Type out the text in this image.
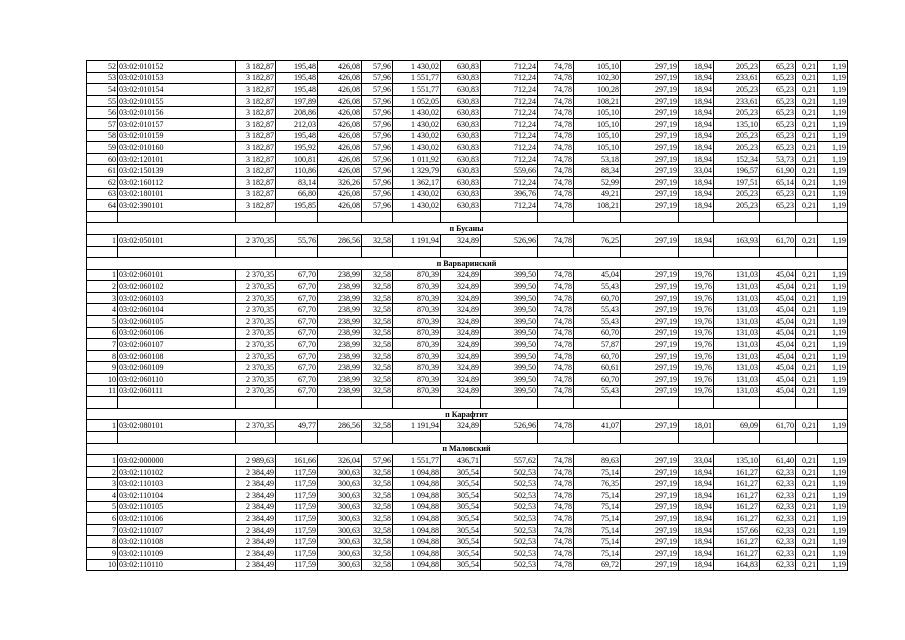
52	03:02:010152	3 182,87	195,48	426,08	57,96	1 430,02	630,83	712,24	74,78	105,10	297,19	18,94	205,23	65,23	0,21	1,19
53	03:02:010153	3 182,87	195,48	426,08	57,96	1 551,77	630,83	712,24	74,78	102,30	297,19	18,94	233,61	65,23	0,21	1,19
54	03:02:010154	3 182,87	195,48	426,08	57,96	1 551,77	630,83	712,24	74,78	100,28	297,19	18,94	205,23	65,23	0,21	1,19
55	03:02:010155	3 182,87	197,89	426,08	57,96	1 052,05	630,83	712,24	74,78	108,21	297,19	18,94	233,61	65,23	0,21	1,19
56	03:02:010156	3 182,87	208,86	426,08	57,96	1 430,02	630,83	712,24	74,78	105,10	297,19	18,94	205,23	65,23	0,21	1,19
57	03:02:010157	3 182,87	212,03	426,08	57,96	1 430,02	630,83	712,24	74,78	105,10	297,19	18,94	135,10	65,23	0,21	1,19
58	03:02:010159	3 182,87	195,48	426,08	57,96	1 430,02	630,83	712,24	74,78	105,10	297,19	18,94	205,23	65,23	0,21	1,19
59	03:02:010160	3 182,87	195,92	426,08	57,96	1 430,02	630,83	712,24	74,78	105,10	297,19	18,94	205,23	65,23	0,21	1,19
60	03:02:120101	3 182,87	100,81	426,08	57,96	1 011,92	630,83	712,24	74,78	53,18	297,19	18,94	152,34	53,73	0,21	1,19
61	03:02:150139	3 182,87	110,86	426,08	57,96	1 329,79	630,83	559,66	74,78	88,34	297,19	33,04	196,57	61,90	0,21	1,19
62	03:02:160112	3 182,87	83,14	326,26	57,96	1 362,17	630,83	712,24	74,78	52,99	297,19	18,94	197,51	65,14	0,21	1,19
63	03:02:180101	3 182,87	66,80	426,08	57,96	1 430,02	630,83	396,76	74,78	49,21	297,19	18,94	205,23	65,23	0,21	1,19
64	03:02:390101	3 182,87	195,85	426,08	57,96	1 430,02	630,83	712,24	74,78	108,21	297,19	18,94	205,23	65,23	0,21	1,19

п Бусаны																
1	03:02:050101	2 370,35	55,76	286,56	32,58	1 191,94	324,89	526,96	74,78	76,25	297,19	18,94	163,93	61,70	0,21	1,19

п Варваринский																
1	03:02:060101	2 370,35	67,70	238,99	32,58	870,39	324,89	399,50	74,78	45,04	297,19	19,76	131,03	45,04	0,21	1,19
2	03:02:060102	2 370,35	67,70	238,99	32,58	870,39	324,89	399,50	74,78	55,43	297,19	19,76	131,03	45,04	0,21	1,19
3	03:02:060103	2 370,35	67,70	238,99	32,58	870,39	324,89	399,50	74,78	60,70	297,19	19,76	131,03	45,04	0,21	1,19
4	03:02:060104	2 370,35	67,70	238,99	32,58	870,39	324,89	399,50	74,78	55,43	297,19	19,76	131,03	45,04	0,21	1,19
5	03:02:060105	2 370,35	67,70	238,99	32,58	870,39	324,89	399,50	74,78	55,43	297,19	19,76	131,03	45,04	0,21	1,19
6	03:02:060106	2 370,35	67,70	238,99	32,58	870,39	324,89	399,50	74,78	60,70	297,19	19,76	131,03	45,04	0,21	1,19
7	03:02:060107	2 370,35	67,70	238,99	32,58	870,39	324,89	399,50	74,78	57,87	297,19	19,76	131,03	45,04	0,21	1,19
8	03:02:060108	2 370,35	67,70	238,99	32,58	870,39	324,89	399,50	74,78	60,70	297,19	19,76	131,03	45,04	0,21	1,19
9	03:02:060109	2 370,35	67,70	238,99	32,58	870,39	324,89	399,50	74,78	60,61	297,19	19,76	131,03	45,04	0,21	1,19
10	03:02:060110	2 370,35	67,70	238,99	32,58	870,39	324,89	399,50	74,78	60,70	297,19	19,76	131,03	45,04	0,21	1,19
11	03:02:060111	2 370,35	67,70	238,99	32,58	870,39	324,89	399,50	74,78	55,43	297,19	19,76	131,03	45,04	0,21	1,19

п Карафтит																
1	03:02:080101	2 370,35	49,77	286,56	32,58	1 191,94	324,89	526,96	74,78	41,07	297,19	18,01	69,09	61,70	0,21	1,19

п Маловский																
1	03:02:000000	2 989,63	161,66	326,04	57,96	1 551,77	436,71	557,62	74,78	89,63	297,19	33,04	135,10	61,40	0,21	1,19
2	03:02:110102	2 384,49	117,59	300,63	32,58	1 094,88	305,54	502,53	74,78	75,14	297,19	18,94	161,27	62,33	0,21	1,19
3	03:02:110103	2 384,49	117,59	300,63	32,58	1 094,88	305,54	502,53	74,78	76,35	297,19	18,94	161,27	62,33	0,21	1,19
4	03:02:110104	2 384,49	117,59	300,63	32,58	1 094,88	305,54	502,53	74,78	75,14	297,19	18,94	161,27	62,33	0,21	1,19
5	03:02:110105	2 384,49	117,59	300,63	32,58	1 094,88	305,54	502,53	74,78	75,14	297,19	18,94	161,27	62,33	0,21	1,19
6	03:02:110106	2 384,49	117,59	300,63	32,58	1 094,88	305,54	502,53	74,78	75,14	297,19	18,94	161,27	62,33	0,21	1,19
7	03:02:110107	2 384,49	117,59	300,63	32,58	1 094,88	305,54	502,53	74,78	75,14	297,19	18,94	157,66	62,33	0,21	1,19
8	03:02:110108	2 384,49	117,59	300,63	32,58	1 094,88	305,54	502,53	74,78	75,14	297,19	18,94	161,27	62,33	0,21	1,19
9	03:02:110109	2 384,49	117,59	300,63	32,58	1 094,88	305,54	502,53	74,78	75,14	297,19	18,94	161,27	62,33	0,21	1,19
10	03:02:110110	2 384,49	117,59	300,63	32,58	1 094,88	305,54	502,53	74,78	69,72	297,19	18,94	164,83	62,33	0,21	1,19
